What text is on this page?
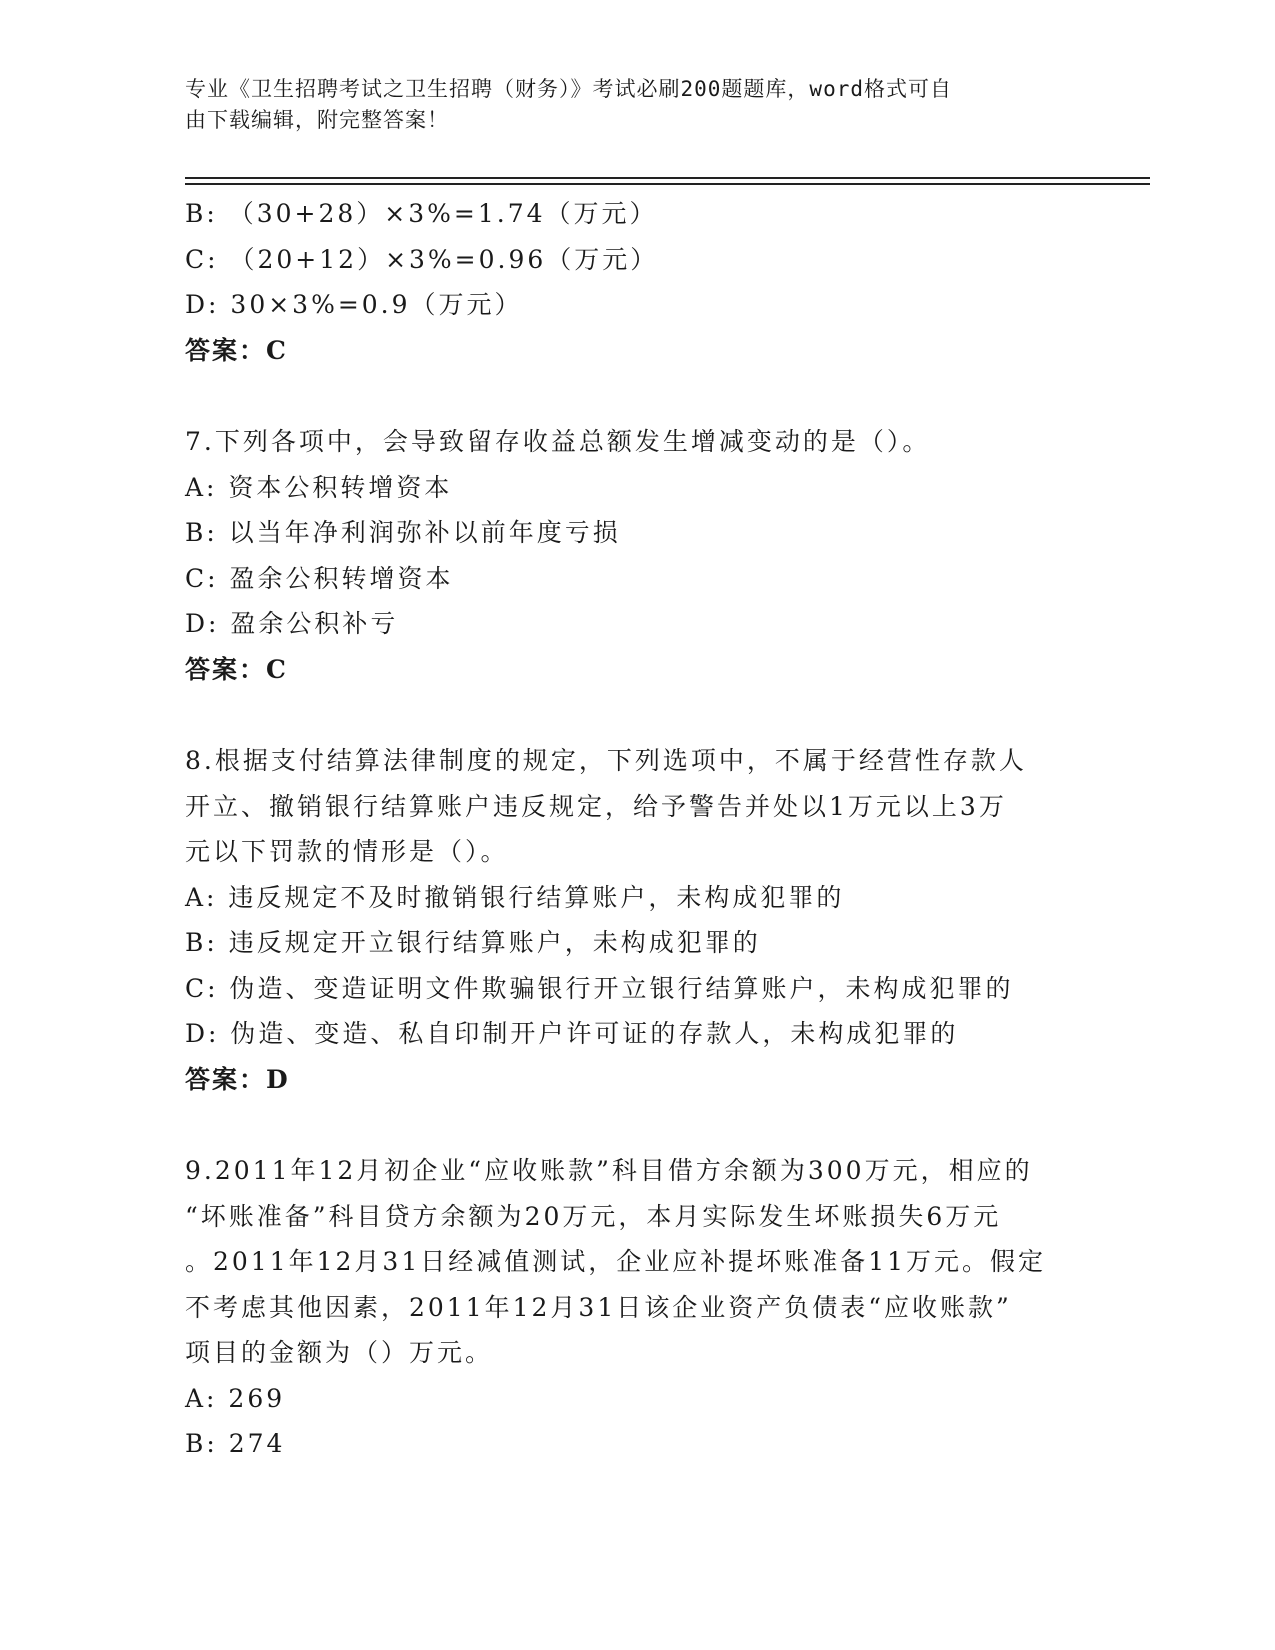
专业《卫生招聘考试之卫生招聘（财务）》考试必刷200题题库，word格式可自
由下载编辑，附完整答案！
B: （30+28）×3%=1.74（万元）
C: （20+12）×3%=0.96（万元）
D: 30×3%=0.9（万元）
答案：C
7.下列各项中，会导致留存收益总额发生增减变动的是（）。
A: 资本公积转增资本
B: 以当年净利润弥补以前年度亏损
C: 盈余公积转增资本
D: 盈余公积补亏
答案：C
8.根据支付结算法律制度的规定，下列选项中，不属于经营性存款人
开立、撤销银行结算账户违反规定，给予警告并处以1万元以上3万
元以下罚款的情形是（）。
A: 违反规定不及时撤销银行结算账户，未构成犯罪的
B: 违反规定开立银行结算账户，未构成犯罪的
C: 伪造、变造证明文件欺骗银行开立银行结算账户，未构成犯罪的
D: 伪造、变造、私自印制开户许可证的存款人，未构成犯罪的
答案：D
9.2011年12月初企业“应收账款”科目借方余额为300万元，相应的
“坏账准备”科目贷方余额为20万元，本月实际发生坏账损失6万元
。2011年12月31日经减值测试，企业应补提坏账准备11万元。假定
不考虑其他因素，2011年12月31日该企业资产负债表“应收账款”
项目的金额为（）万元。
A: 269
B: 274
